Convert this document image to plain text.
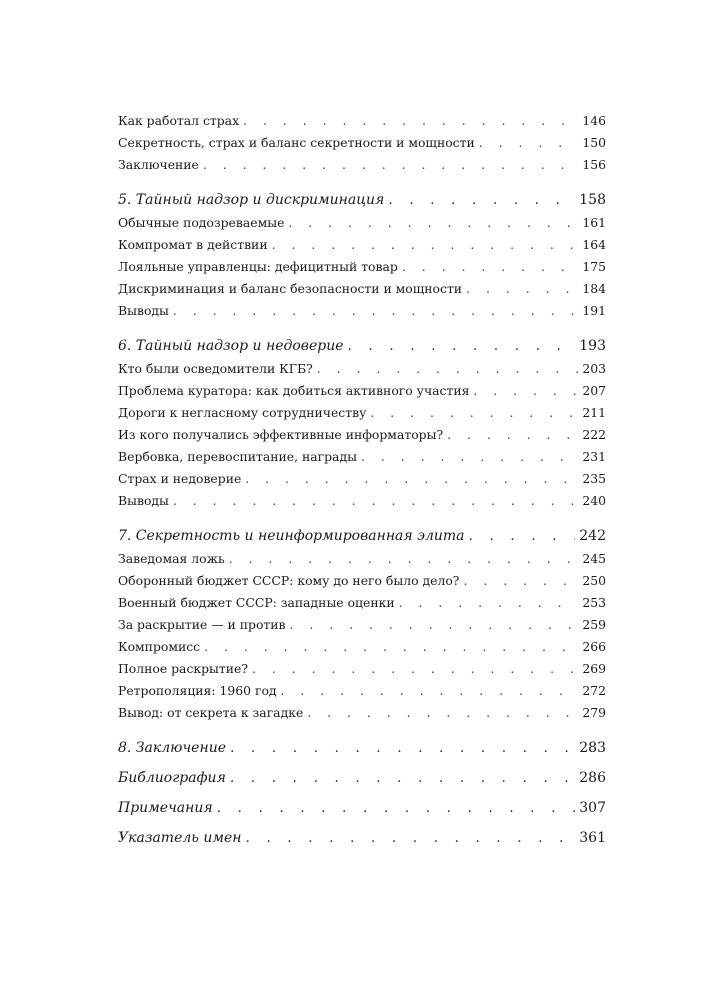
Как работал страх . . .	146
Секретность, страх и баланс секретности и мощности . . .	150
Заключение . . .	156
5. Тайный надзор и дискриминация . . .	158
Обычные подозреваемые . . .	161
Компромат в действии . . .	164
Лояльные управленцы: дефицитный товар . . .	175
Дискриминация и баланс безопасности и мощности . . .	184
Выводы . . .	191
6. Тайный надзор и недоверие . . .	193
Кто были осведомители КГБ? . . .	203
Проблема куратора: как добиться активного участия . . .	207
Дороги к негласному сотрудничеству . . .	211
Из кого получались эффективные информаторы? . . .	222
Вербовка, перевоспитание, награды . . .	231
Страх и недоверие . . .	235
Выводы . . .	240
7. Секретность и неинформированная элита . . .	242
Заведомая ложь . . .	245
Оборонный бюджет СССР: кому до него было дело? . . .	250
Военный бюджет СССР: западные оценки . . .	253
За раскрытие — и против . . .	259
Компромисс . . .	266
Полное раскрытие? . . .	269
Ретрополяция: 1960 год . . .	272
Вывод: от секрета к загадке . . .	279
8. Заключение . . .	283
Библиография . . .	286
Примечания . . .	307
Указатель имен . . .	361
